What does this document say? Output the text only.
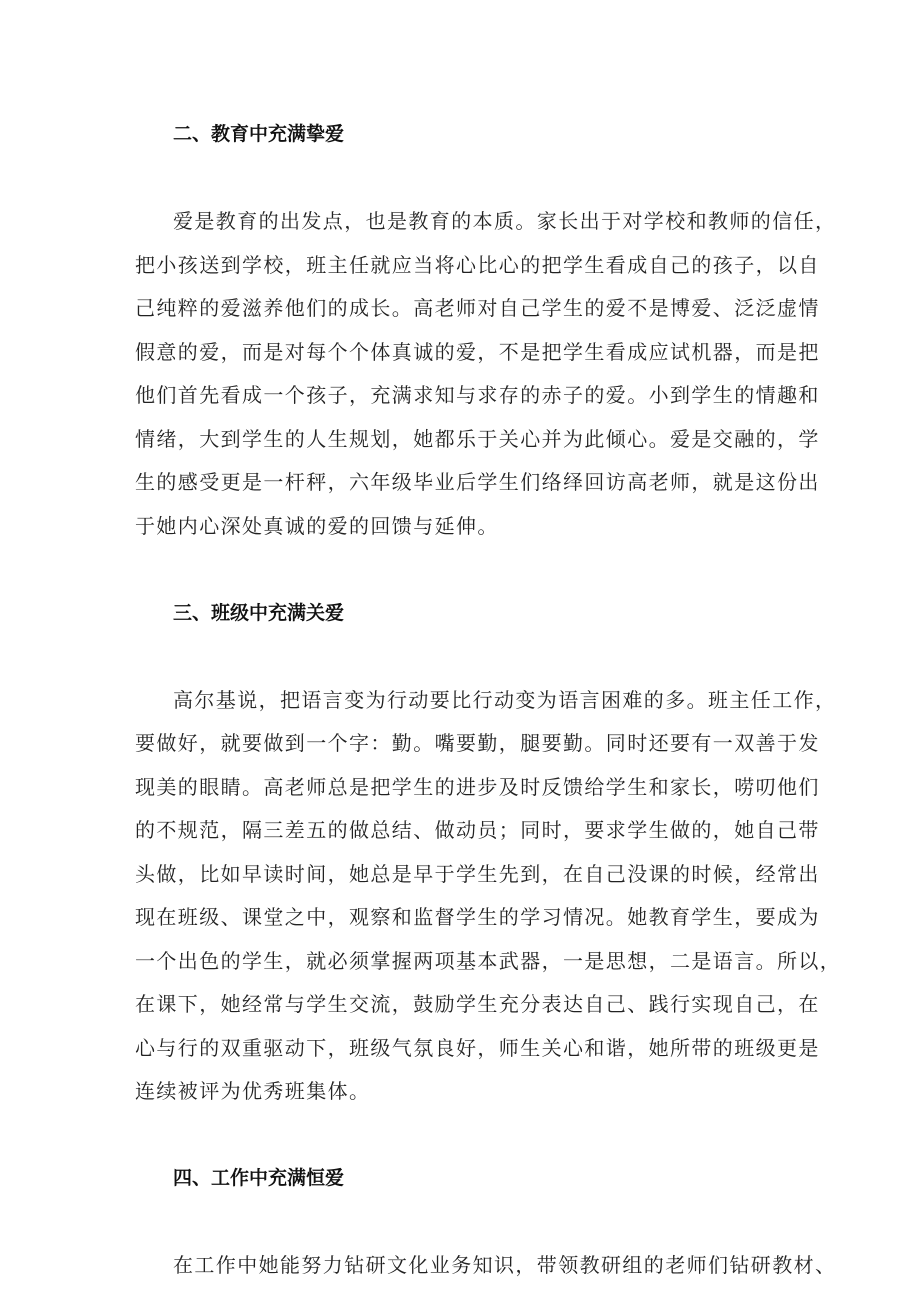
二、教育中充满挚爱

爱是教育的出发点，也是教育的本质。家长出于对学校和教师的信任，

把小孩送到学校，班主任就应当将心比心的把学生看成自己的孩子，以自

己纯粹的爱滋养他们的成长。高老师对自己学生的爱不是博爱、泛泛虚情

假意的爱，而是对每个个体真诚的爱，不是把学生看成应试机器，而是把

他们首先看成一个孩子，充满求知与求存的赤子的爱。小到学生的情趣和

情绪，大到学生的人生规划，她都乐于关心并为此倾心。爱是交融的，学

生的感受更是一杆秤，六年级毕业后学生们络绎回访高老师，就是这份出

于她内心深处真诚的爱的回馈与延伸。

三、班级中充满关爱

高尔基说，把语言变为行动要比行动变为语言困难的多。班主任工作，

要做好，就要做到一个字：勤。嘴要勤，腿要勤。同时还要有一双善于发

现美的眼睛。高老师总是把学生的进步及时反馈给学生和家长，唠叨他们

的不规范，隔三差五的做总结、做动员；同时，要求学生做的，她自己带

头做，比如早读时间，她总是早于学生先到，在自己没课的时候，经常出

现在班级、课堂之中，观察和监督学生的学习情况。她教育学生，要成为

一个出色的学生，就必须掌握两项基本武器，一是思想，二是语言。所以，

在课下，她经常与学生交流，鼓励学生充分表达自己、践行实现自己，在

心与行的双重驱动下，班级气氛良好，师生关心和谐，她所带的班级更是

连续被评为优秀班集体。

四、工作中充满恒爱

在工作中她能努力钻研文化业务知识，带领教研组的老师们钻研教材、
